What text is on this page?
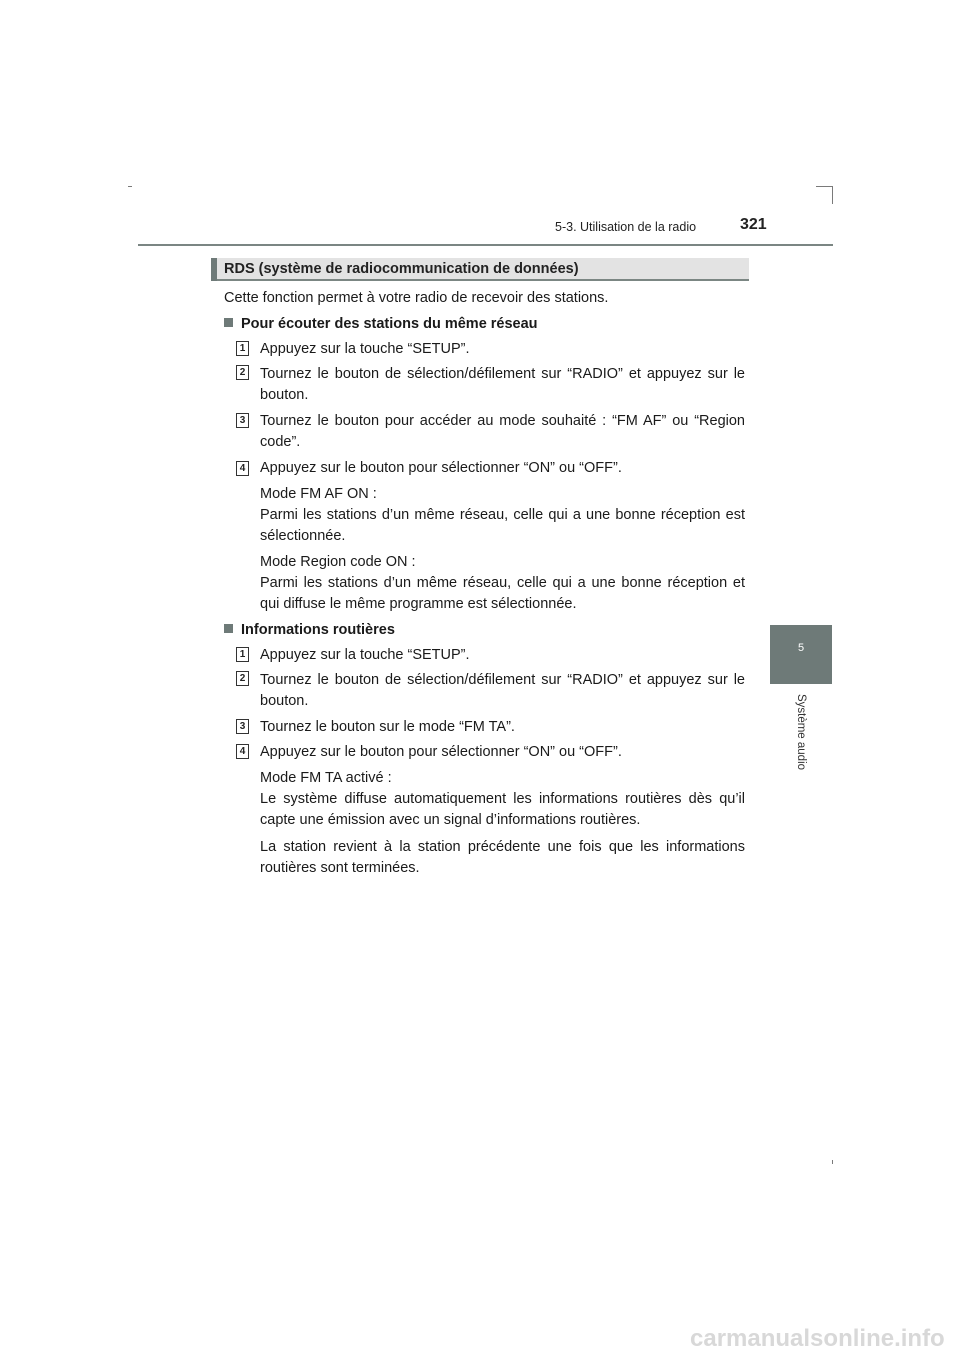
5-3. Utilisation de la radio	321
5
Système audio
RDS (système de radiocommunication de données)
Cette fonction permet à votre radio de recevoir des stations.
Pour écouter des stations du même réseau
1 Appuyez sur la touche “SETUP”.
2 Tournez le bouton de sélection/défilement sur “RADIO” et appuyez sur le bouton.
3 Tournez le bouton pour accéder au mode souhaité : “FM AF” ou “Region code”.
4 Appuyez sur le bouton pour sélectionner “ON” ou “OFF”.
Mode FM AF ON :
Parmi les stations d’un même réseau, celle qui a une bonne réception est sélectionnée.
Mode Region code ON :
Parmi les stations d’un même réseau, celle qui a une bonne réception et qui diffuse le même programme est sélectionnée.
Informations routières
1 Appuyez sur la touche “SETUP”.
2 Tournez le bouton de sélection/défilement sur “RADIO” et appuyez sur le bouton.
3 Tournez le bouton sur le mode “FM TA”.
4 Appuyez sur le bouton pour sélectionner “ON” ou “OFF”.
Mode FM TA activé :
Le système diffuse automatiquement les informations routières dès qu’il capte une émission avec un signal d’informations routières.
La station revient à la station précédente une fois que les informations routières sont terminées.
carmanualsonline.info
